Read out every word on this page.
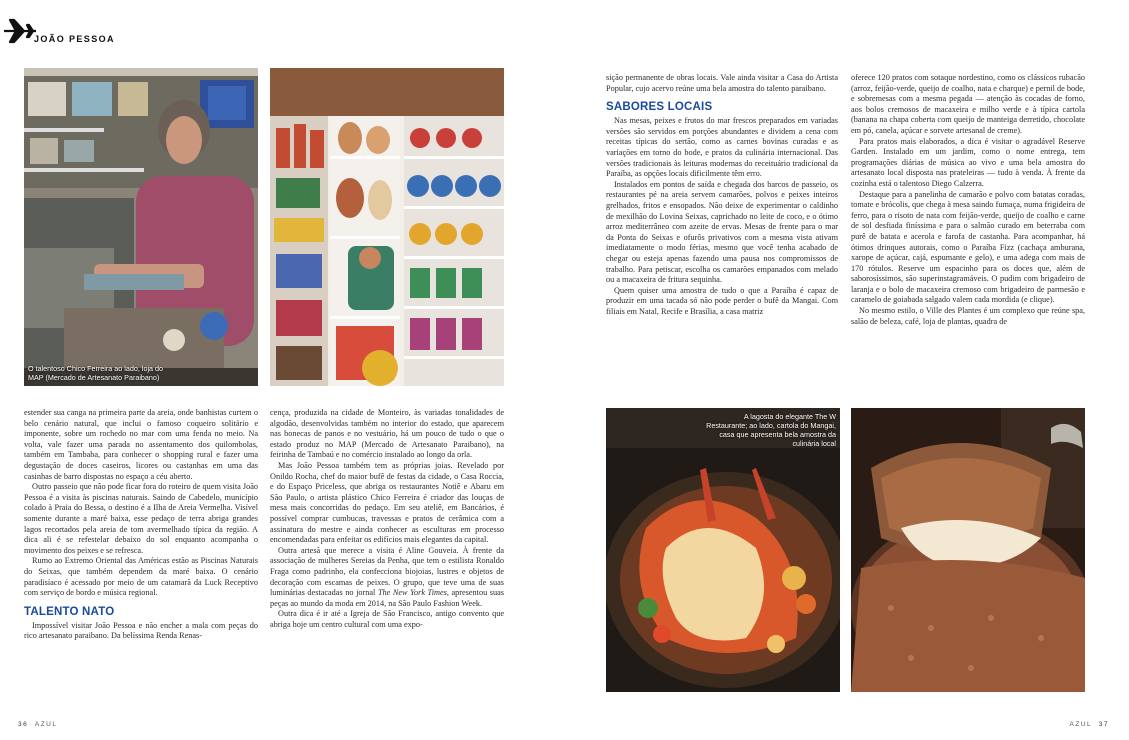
JOÃO PESSOA
O talentoso Chico Ferreira ao lado, loja do MAP (Mercado de Artesanato Paraibano)

estender sua canga na primeira parte da areia, onde banhistas curtem o belo cenário natural, que inclui o famoso coqueiro solitário e imponente, sobre um rochedo no mar com uma fenda no meio. Na volta, vale fazer uma parada no assentamento dos quilombolas, também em Tambaba, para conhecer o shopping rural e fazer uma degustação de doces caseiros, licores ou castanhas em uma das casinhas de barro dispostas no espaço a céu aberto.

Outro passeio que não pode ficar fora do roteiro de quem visita João Pessoa é a visita às piscinas naturais. Saindo de Cabedelo, município colado à Praia do Bessa, o destino é a Ilha de Areia Vermelha. Visível somente durante a maré baixa, esse pedaço de terra abriga grandes lagos recortados pela areia de tom avermelhado típica da região. A dica ali é se refestelar debaixo do sol enquanto acompanha o movimento dos peixes e se refresca.

Rumo ao Extremo Oriental das Américas estão as Piscinas Naturais do Seixas, que também dependem da maré baixa. O cenário paradisíaco é acessado por meio de um catamarã da Luck Receptivo com serviço de bordo e música regional.

TALENTO NATO

Impossível visitar João Pessoa e não encher a mala com peças do rico artesanato paraibano. Da belíssima Renda Renas-

cença, produzida na cidade de Monteiro, às variadas tonalidades de algodão, desenvolvidas também no interior do estado, que aparecem nas bonecas de panos e no vestuário, há um pouco de tudo o que o estado produz no MAP (Mercado de Artesanato Paraibano), na feirinha de Tambaú e no comércio instalado ao longo da orla.

Mas João Pessoa também tem as próprias joias. Revelado por Onildo Rocha, chef do maior bufê de festas da cidade, o Casa Roccia, e do Espaço Priceless, que abriga os restaurantes Notiê e Abaru em São Paulo, o artista plástico Chico Ferreira é criador das louças de mesa mais concorridas do pedaço. Em seu ateliê, em Bancários, é possível comprar cumbucas, travessas e pratos de cerâmica com a assinatura do mestre e ainda conhecer as esculturas em processo encomendadas para enfeitar os edifícios mais elegantes da capital.

Outra artesã que merece a visita é Aline Gouveia. À frente da associação de mulheres Sereias da Penha, que tem o estilista Ronaldo Fraga como padrinho, ela confecciona biojoias, lustres e objetos de decoração com escamas de peixes. O grupo, que teve uma de suas luminárias destacadas no jornal The New York Times, apresentou suas peças ao mundo da moda em 2014, na São Paulo Fashion Week.

Outra dica é ir até a Igreja de São Francisco, antigo convento que abriga hoje um centro cultural com uma expo-

sição permanente de obras locais. Vale ainda visitar a Casa do Artista Popular, cujo acervo reúne uma bela amostra do talento paraibano.

SABORES LOCAIS

Nas mesas, peixes e frutos do mar frescos preparados em variadas versões são servidos em porções abundantes e dividem a cena com receitas típicas do sertão, como as carnes bovinas curadas e as variações em torno do bode, e pratos da culinária internacional. Das versões tradicionais às leituras modernas do receituário tradicional da Paraíba, as opções locais dificilmente têm erro.

Instalados em pontos de saída e chegada dos barcos de passeio, os restaurantes pé na areia servem camarões, polvos e peixes inteiros grelhados, fritos e ensopados. Não deixe de experimentar o caldinho de mexilhão do Lovina Seixas, caprichado no leite de coco, e o ótimo arroz mediterrâneo com azeite de ervas. Mesas de frente para o mar da Ponta do Seixas e ofurôs privativos com a mesma vista ativam imediatamente o modo férias, mesmo que você tenha acabado de chegar ou esteja apenas fazendo uma pausa nos compromissos de trabalho. Para petiscar, escolha os camarões empanados com melado ou a macaxeira de fritura sequinha.

Quem quiser uma amostra de tudo o que a Paraíba é capaz de produzir em uma tacada só não pode perder o bufê da Mangai. Com filiais em Natal, Recife e Brasília, a casa matriz

oferece 120 pratos com sotaque nordestino, como os clássicos rubacão (arroz, feijão-verde, queijo de coalho, nata e charque) e pernil de bode, e sobremesas com a mesma pegada — atenção às cocadas de forno, aos bolos cremosos de macaxeira e milho verde e à típica cartola (banana na chapa coberta com queijo de manteiga derretido, chocolate em pó, canela, açúcar e sorvete artesanal de creme).

Para pratos mais elaborados, a dica é visitar o agradável Reserve Garden. Instalado em um jardim, como o nome entrega, tem programações diárias de música ao vivo e uma bela amostra do artesanato local disposta nas prateleiras — tudo à venda. À frente da cozinha está o talentoso Diego Calzerra.

Destaque para a panelinha de camarão e polvo com batatas coradas, tomate e brócolis, que chega à mesa saindo fumaça, numa frigideira de ferro, para o risoto de nata com feijão-verde, queijo de coalho e carne de sol desfiada finíssima e para o salmão curado em beterraba com purê de batata e acerola e farofa de castanha. Para acompanhar, há ótimos drinques autorais, como o Paraíba Fizz (cachaça amburana, xarope de açúcar, cajá, espumante e gelo), e uma adega com mais de 170 rótulos. Reserve um espacinho para os doces que, além de saborosíssimos, são superinstagramáveis. O pudim com brigadeiro de laranja e o bolo de macaxeira cremoso com brigadeiro de parmesão e caramelo de goiabada salgado valem cada mordida (e clique).

No mesmo estilo, o Ville des Plantes é um complexo que reúne spa, salão de beleza, café, loja de plantas, quadra de

A lagosta do elegante The W Restaurante; ao lado, cartola do Mangai, casa que apresenta bela amostra da culinária local
36 AZUL	AZUL 37
